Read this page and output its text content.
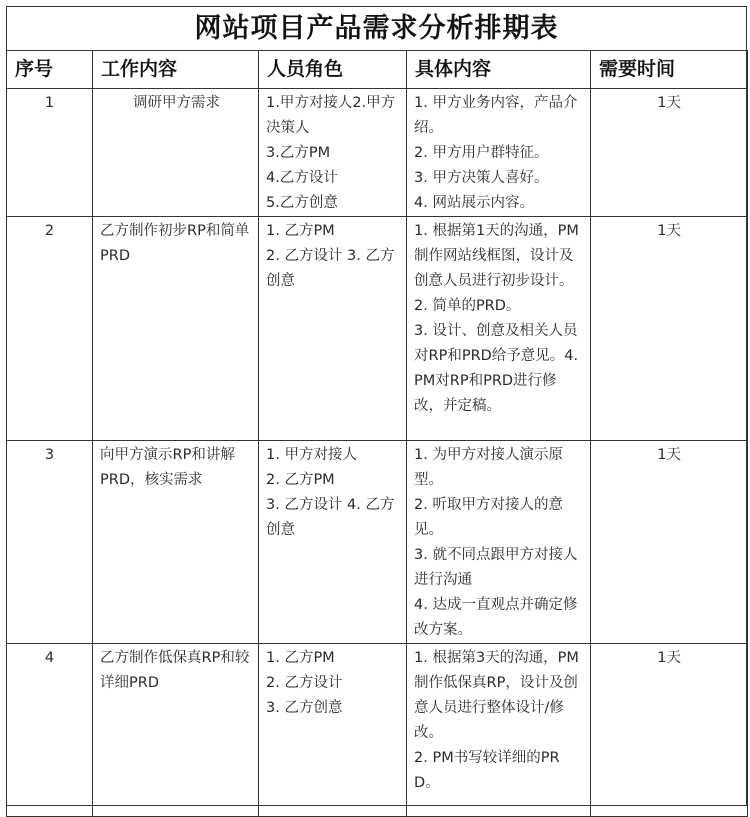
网站项目产品需求分析排期表
序号	工作内容	人员角色	具体内容	需要时间
1	调研甲方需求	1.甲方对接人2.甲方决策人
3.乙方PM
4.乙方设计
5.乙方创意	1. 甲方业务内容，产品介绍。
2. 甲方用户群特征。
3. 甲方决策人喜好。
4. 网站展示内容。	1天
2	乙方制作初步RP和简单PRD	1. 乙方PM
2. 乙方设计 3. 乙方创意	1. 根据第1天的沟通，PM制作网站线框图，设计及创意人员进行初步设计。
2. 简单的PRD。
3. 设计、创意及相关人员对RP和PRD给予意见。4. PM对RP和PRD进行修改，并定稿。	1天
3	向甲方演示RP和讲解PRD，核实需求	1. 甲方对接人
2. 乙方PM
3. 乙方设计 4. 乙方创意	1. 为甲方对接人演示原型。
2. 听取甲方对接人的意见。
3. 就不同点跟甲方对接人进行沟通
4. 达成一直观点并确定修改方案。	1天
4	乙方制作低保真RP和较详细PRD	1. 乙方PM
2. 乙方设计
3. 乙方创意	1. 根据第3天的沟通，PM制作低保真RP，设计及创意人员进行整体设计/修改。
2. PM书写较详细的PRD。	1天
